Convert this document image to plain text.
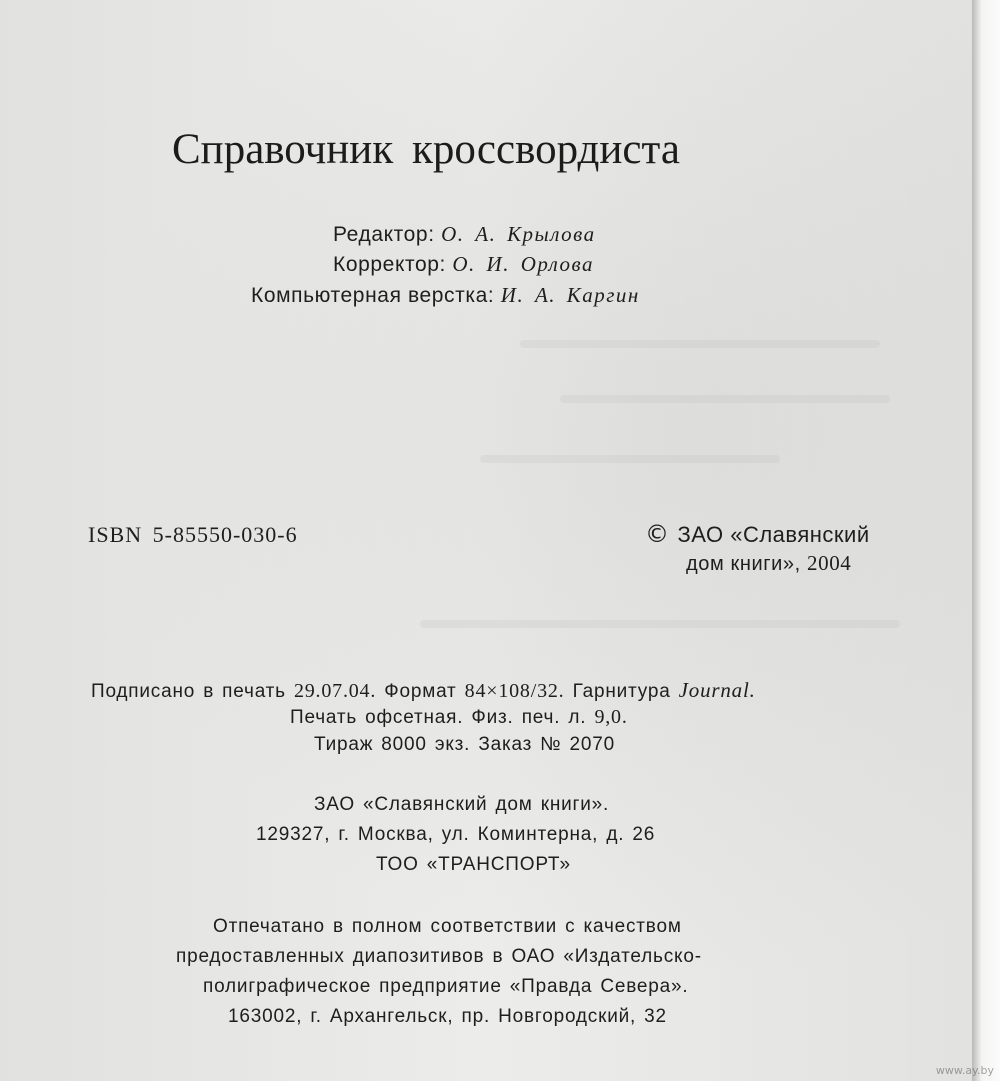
Справочник кроссвордиста
Редактор: О. А. Крылова
Корректор: О. И. Орлова
Компьютерная верстка: И. А. Каргин
ISBN 5-85550-030-6	© ЗАО «Славянский
дом книги», 2004
Подписано в печать 29.07.04. Формат 84×108/32. Гарнитура Journal.
Печать офсетная. Физ. печ. л. 9,0.
Тираж 8000 экз. Заказ № 2070
ЗАО «Славянский дом книги».
129327, г. Москва, ул. Коминтерна, д. 26
ТОО «ТРАНСПОРТ»
Отпечатано в полном соответствии с качеством
предоставленных диапозитивов в ОАО «Издательско-
полиграфическое предприятие «Правда Севера».
163002, г. Архангельск, пр. Новгородский, 32
www.ay.by
